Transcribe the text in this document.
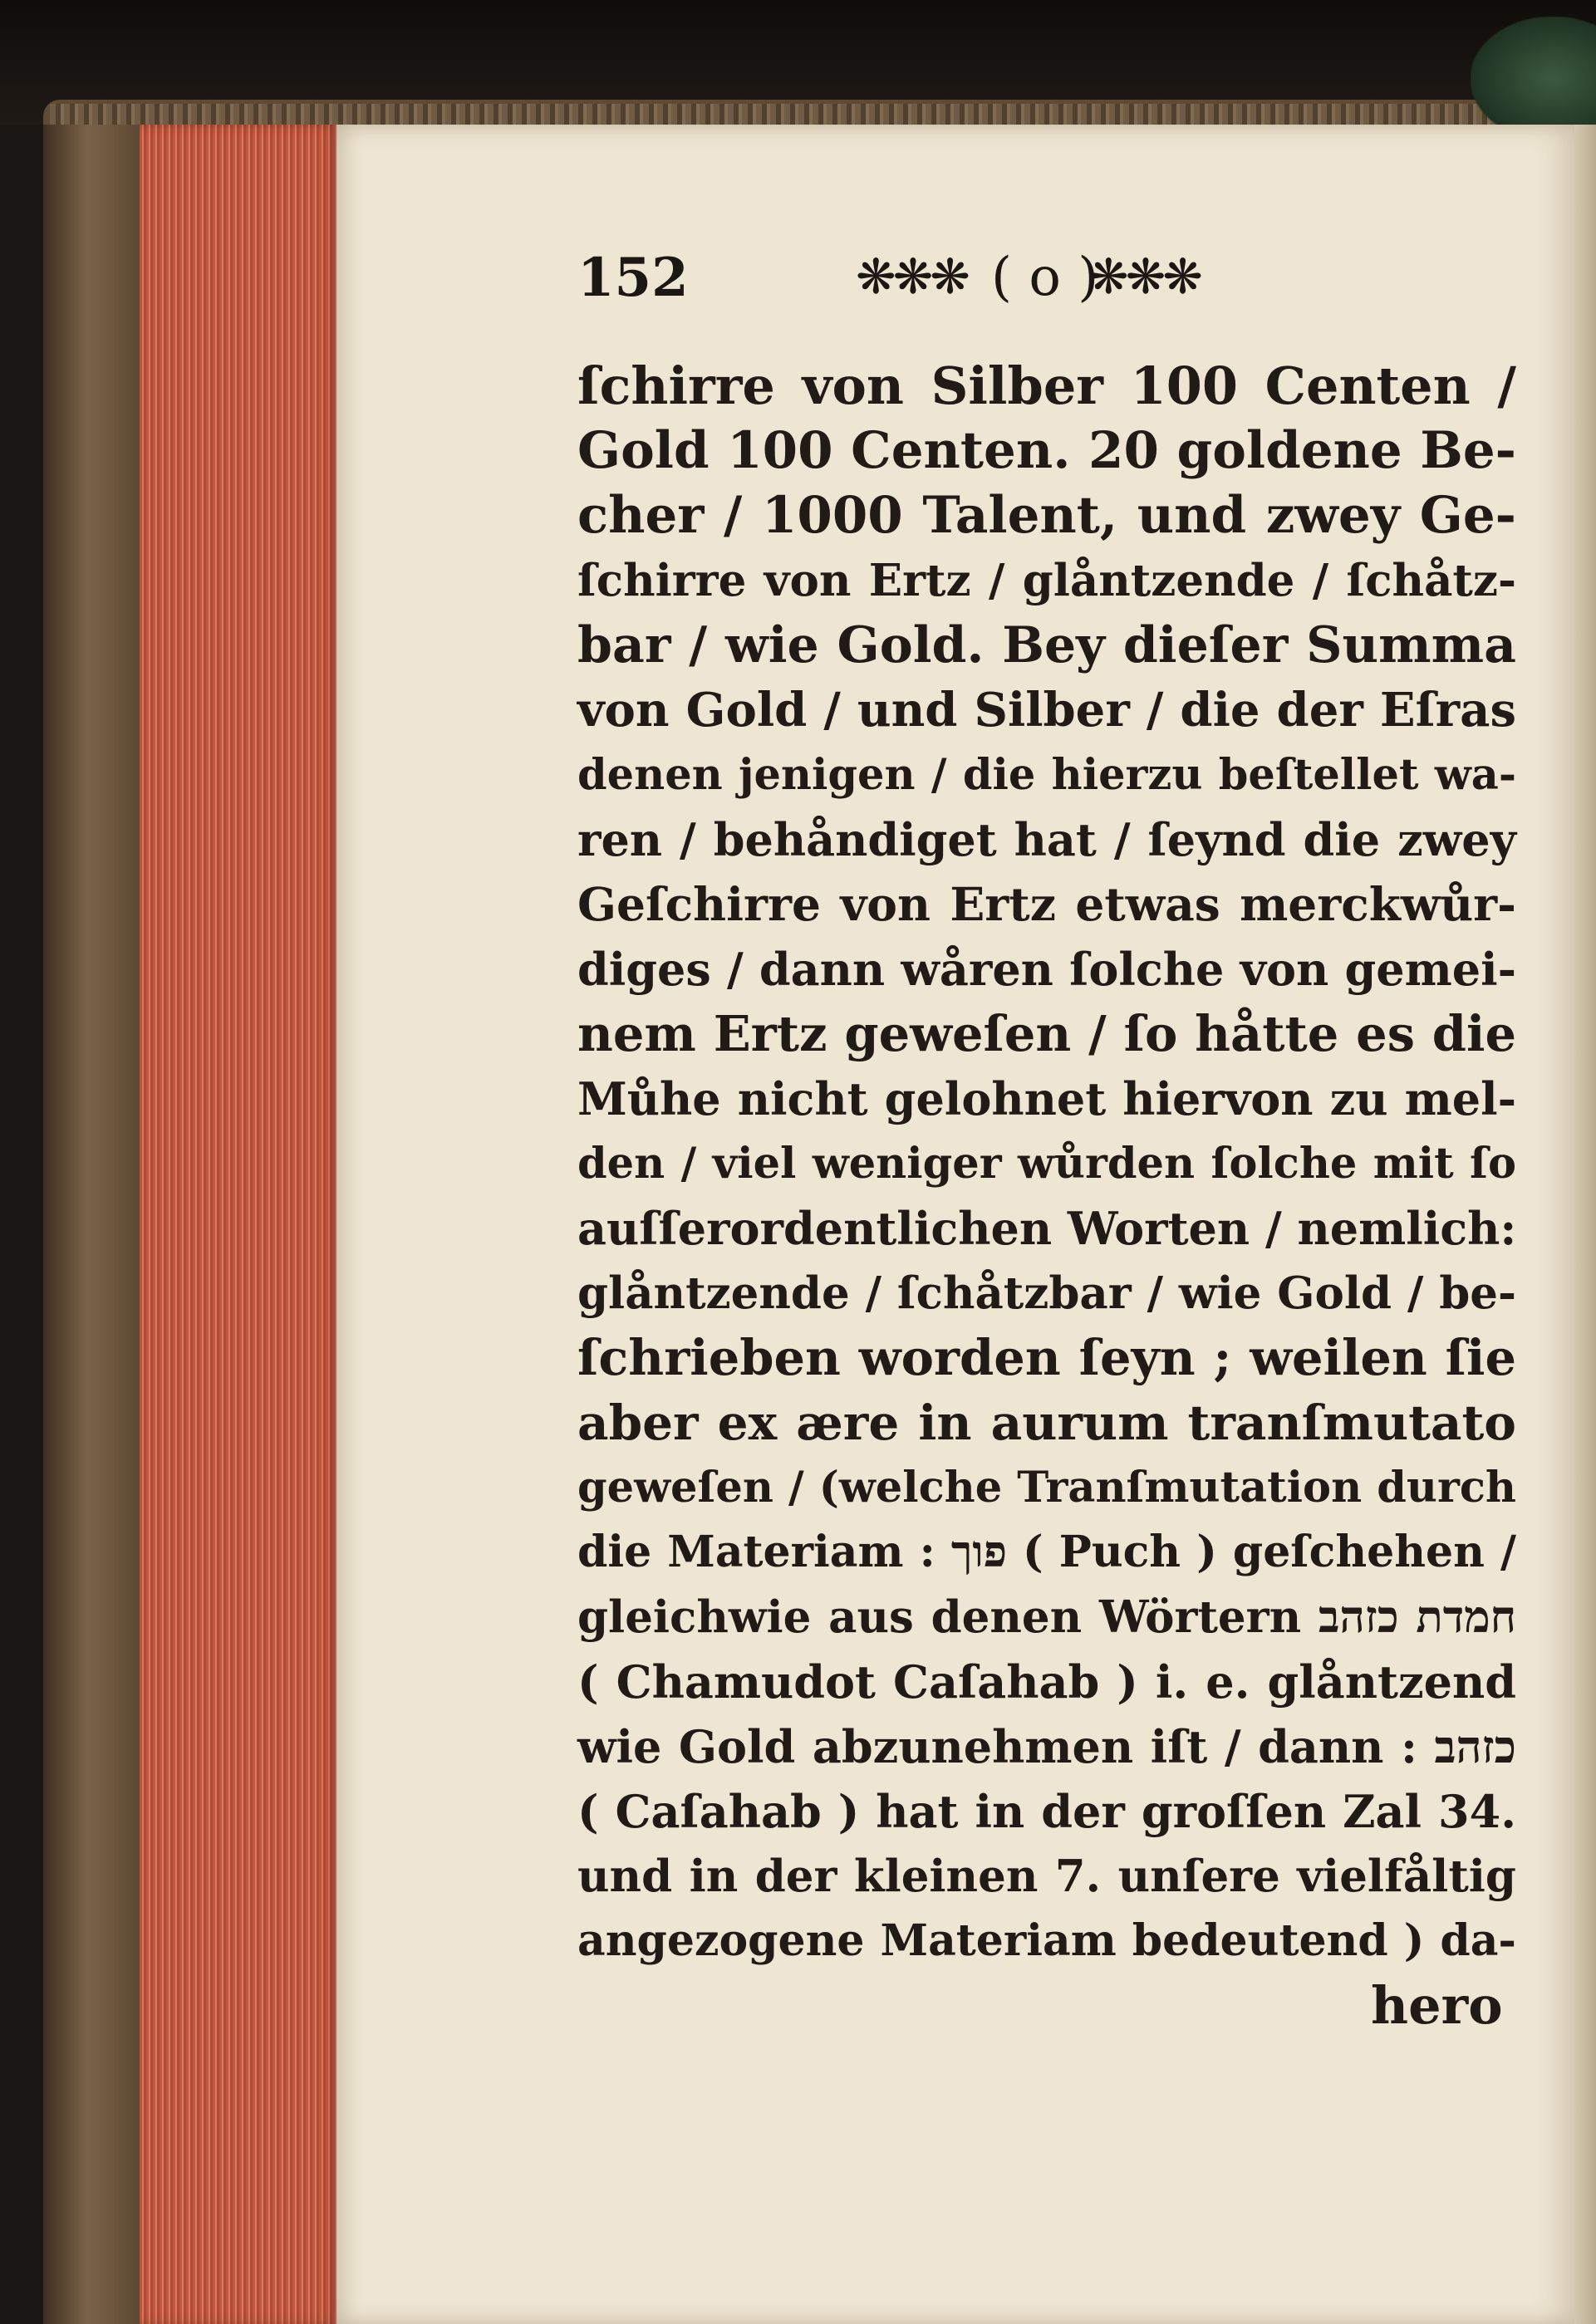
152	❋❋❋ ( o )
❋❋❋
ſchirre von Silber 100 Centen /
Gold 100 Centen. 20 goldene Be-
cher / 1000 Talent, und zwey Ge-
ſchirre von Ertz / glåntzende / ſchåtz-
bar / wie Gold. Bey dieſer Summa
von Gold / und Silber / die der Eſras
denen jenigen / die hierzu beſtellet wa-
ren / behåndiget hat / ſeynd die zwey
Geſchirre von Ertz etwas merckwůr-
diges / dann wåren ſolche von gemei-
nem Ertz geweſen / ſo håtte es die
Můhe nicht gelohnet hiervon zu mel-
den / viel weniger wůrden ſolche mit ſo
auſſerordentlichen Worten / nemlich:
glåntzende / ſchåtzbar / wie Gold / be-
ſchrieben worden ſeyn ; weilen ſie
aber ex ære in aurum tranſmutato
geweſen / (welche Tranſmutation durch
die Materiam : פוך ( Puch ) geſchehen /
gleichwie aus denen Wörtern חמדת כזהב
( Chamudot Caſahab ) i. e. glåntzend
wie Gold abzunehmen iſt / dann : כזהב
( Caſahab ) hat in der groſſen Zal 34.
und in der kleinen 7. unſere vielfåltig
angezogene Materiam bedeutend ) da-
hero
